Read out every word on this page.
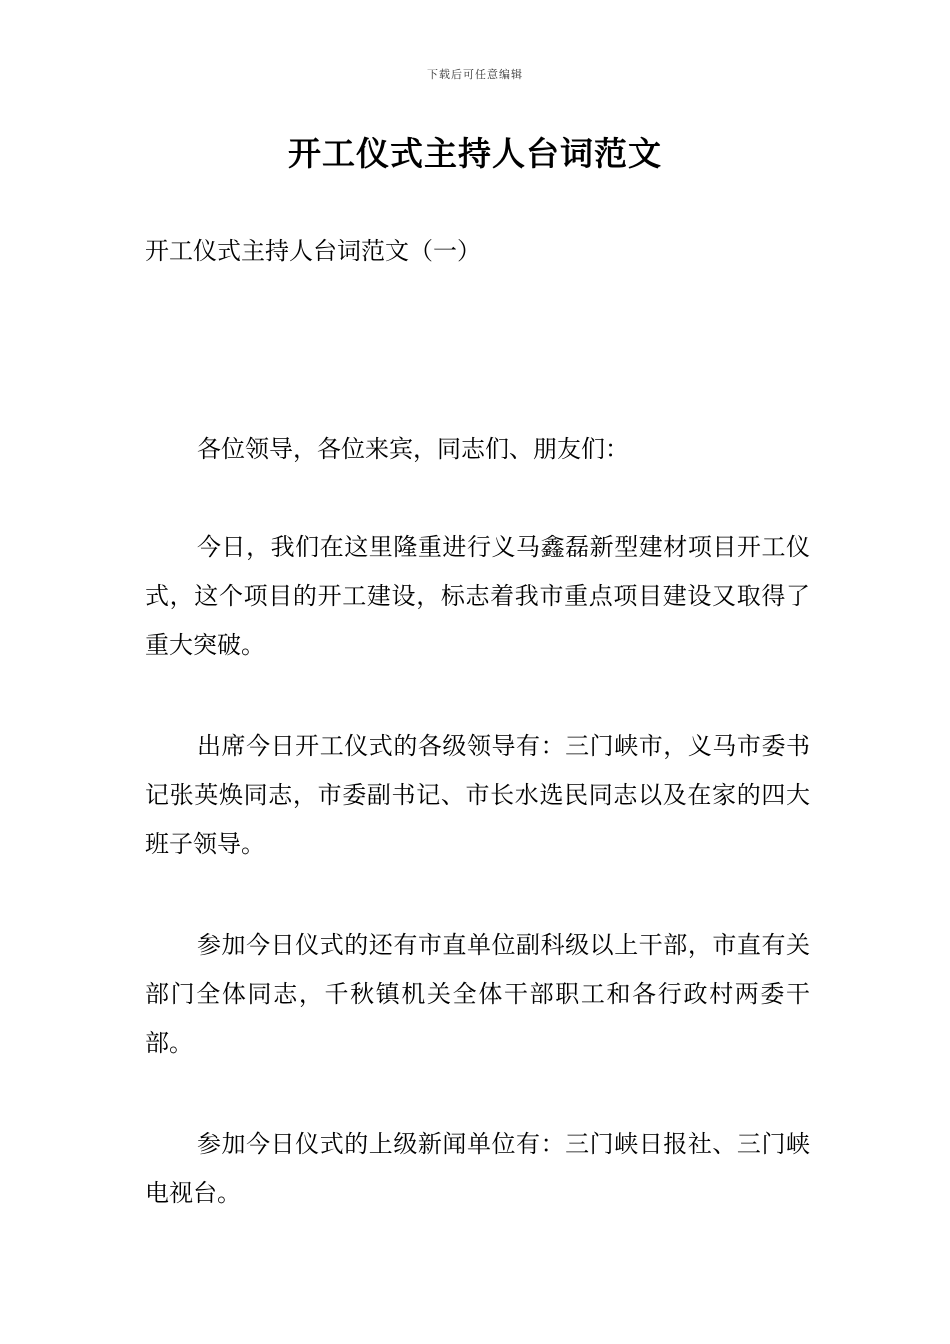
下载后可任意编辑
开工仪式主持人台词范文

开工仪式主持人台词范文（一）

各位领导，各位来宾，同志们、朋友们：

今日，我们在这里隆重进行义马鑫磊新型建材项目开工仪式，这个项目的开工建设，标志着我市重点项目建设又取得了重大突破。

出席今日开工仪式的各级领导有：三门峡市，义马市委书记张英焕同志，市委副书记、市长水选民同志以及在家的四大班子领导。

参加今日仪式的还有市直单位副科级以上干部，市直有关部门全体同志，千秋镇机关全体干部职工和各行政村两委干部。

参加今日仪式的上级新闻单位有：三门峡日报社、三门峡电视台。
